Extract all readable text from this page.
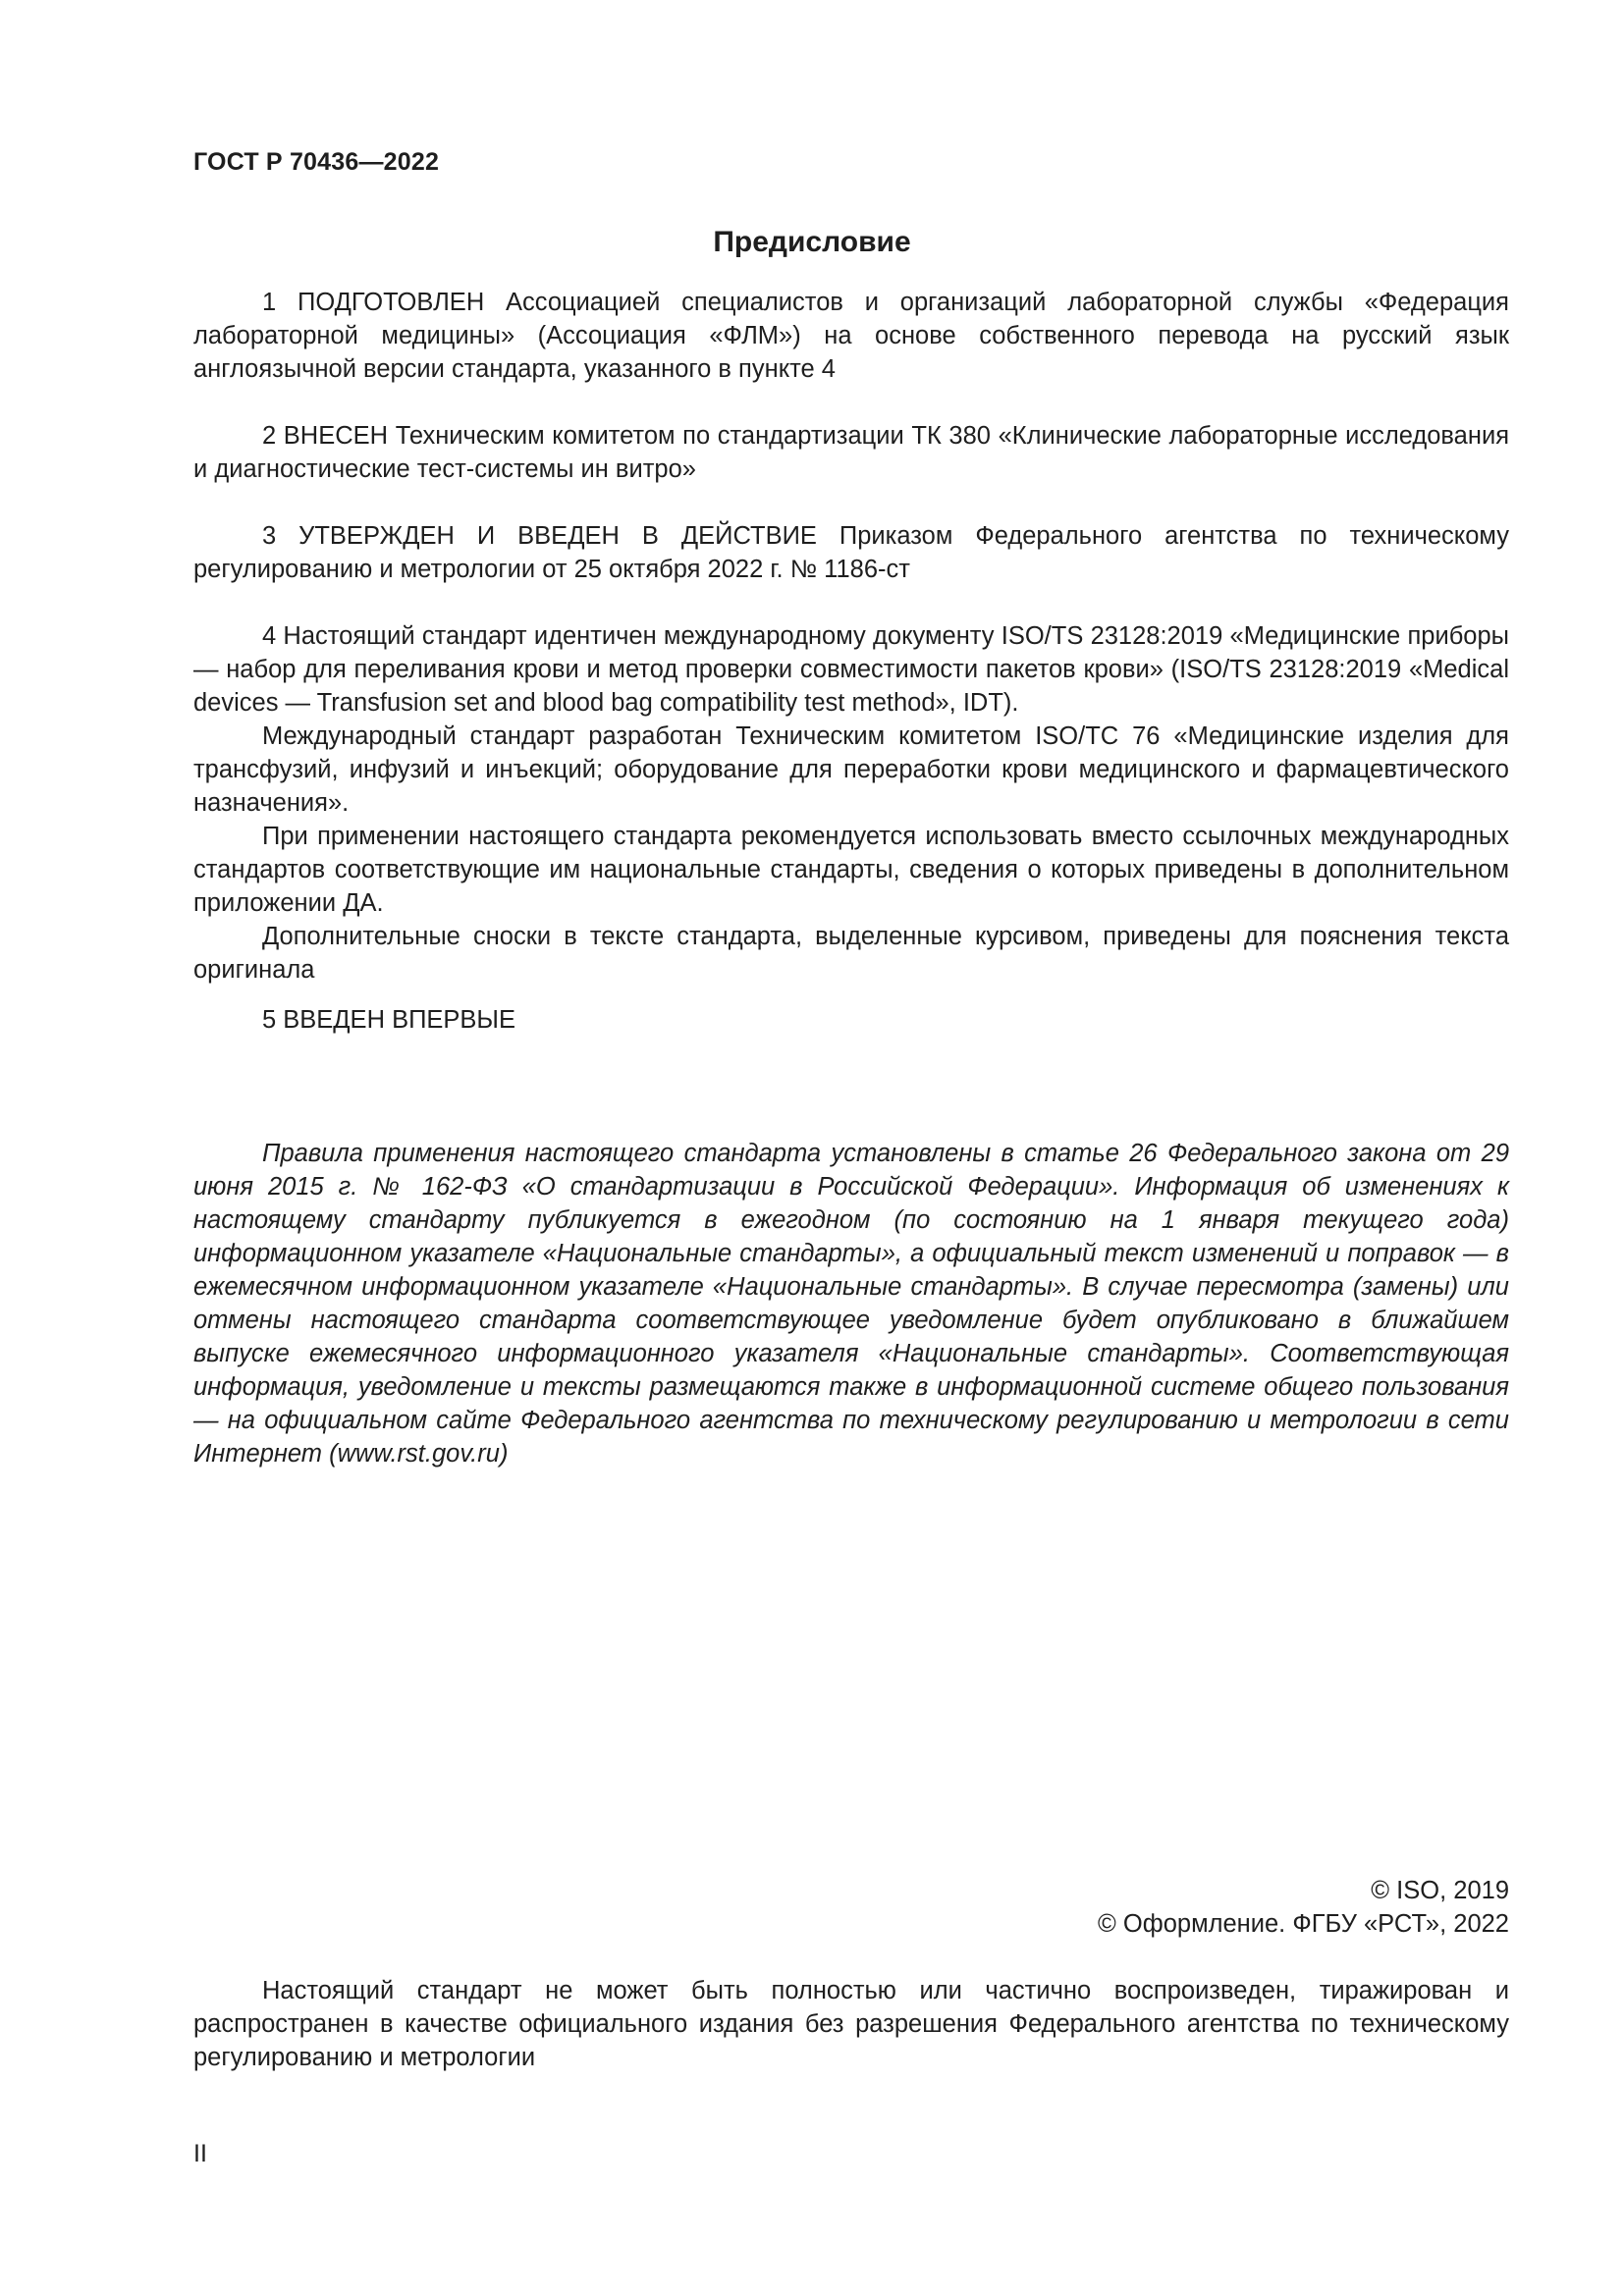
ГОСТ Р 70436—2022
Предисловие

1 ПОДГОТОВЛЕН Ассоциацией специалистов и организаций лабораторной службы «Федерация лабораторной медицины» (Ассоциация «ФЛМ») на основе собственного перевода на русский язык англоязычной версии стандарта, указанного в пункте 4

2 ВНЕСЕН Техническим комитетом по стандартизации ТК 380 «Клинические лабораторные исследования и диагностические тест-системы ин витро»

3 УТВЕРЖДЕН И ВВЕДЕН В ДЕЙСТВИЕ Приказом Федерального агентства по техническому регулированию и метрологии от 25 октября 2022 г. № 1186-ст

4 Настоящий стандарт идентичен международному документу ISO/TS 23128:2019 «Медицинские приборы — набор для переливания крови и метод проверки совместимости пакетов крови» (ISO/TS 23128:2019 «Medical devices — Transfusion set and blood bag compatibility test method», IDT).

Международный стандарт разработан Техническим комитетом ISO/TC 76 «Медицинские изделия для трансфузий, инфузий и инъекций; оборудование для переработки крови медицинского и фармацевтического назначения».

При применении настоящего стандарта рекомендуется использовать вместо ссылочных международных стандартов соответствующие им национальные стандарты, сведения о которых приведены в дополнительном приложении ДА.

Дополнительные сноски в тексте стандарта, выделенные курсивом, приведены для пояснения текста оригинала

5 ВВЕДЕН ВПЕРВЫЕ

Правила применения настоящего стандарта установлены в статье 26 Федерального закона от 29 июня 2015 г. № 162-ФЗ «О стандартизации в Российской Федерации». Информация об изменениях к настоящему стандарту публикуется в ежегодном (по состоянию на 1 января текущего года) информационном указателе «Национальные стандарты», а официальный текст изменений и поправок — в ежемесячном информационном указателе «Национальные стандарты». В случае пересмотра (замены) или отмены настоящего стандарта соответствующее уведомление будет опубликовано в ближайшем выпуске ежемесячного информационного указателя «Национальные стандарты». Соответствующая информация, уведомление и тексты размещаются также в информационной системе общего пользования — на официальном сайте Федерального агентства по техническому регулированию и метрологии в сети Интернет (www.rst.gov.ru)

© ISO, 2019
© Оформление. ФГБУ «РСТ», 2022

Настоящий стандарт не может быть полностью или частично воспроизведен, тиражирован и распространен в качестве официального издания без разрешения Федерального агентства по техническому регулированию и метрологии

II
